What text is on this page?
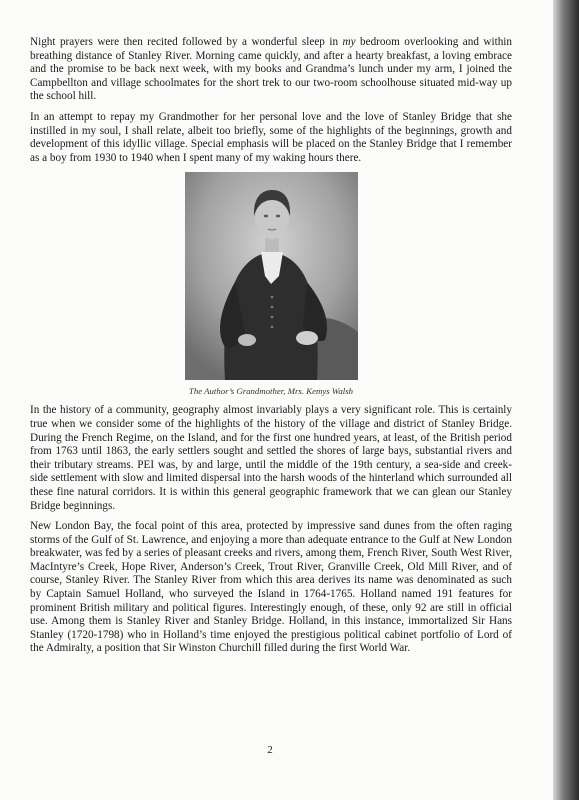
Night prayers were then recited followed by a wonderful sleep in my bedroom overlooking and within breathing distance of Stanley River. Morning came quickly, and after a hearty breakfast, a loving embrace and the promise to be back next week, with my books and Grandma’s lunch under my arm, I joined the Campbellton and village schoolmates for the short trek to our two-room schoolhouse situated mid-way up the school hill.

In an attempt to repay my Grandmother for her personal love and the love of Stanley Bridge that she instilled in my soul, I shall relate, albeit too briefly, some of the highlights of the beginnings, growth and development of this idyllic village. Special emphasis will be placed on the Stanley Bridge that I remember as a boy from 1930 to 1940 when I spent many of my waking hours there.

The Author’s Grandmother, Mrs. Kemys Walsh

In the history of a community, geography almost invariably plays a very significant role. This is certainly true when we consider some of the highlights of the history of the village and district of Stanley Bridge. During the French Regime, on the Island, and for the first one hundred years, at least, of the British period from 1763 until 1863, the early settlers sought and settled the shores of large bays, substantial rivers and their tributary streams. PEI was, by and large, until the middle of the 19th century, a sea-side and creek-side settlement with slow and limited dispersal into the harsh woods of the hinterland which surrounded all these fine natural corridors. It is within this general geographic framework that we can glean our Stanley Bridge beginnings.

New London Bay, the focal point of this area, protected by impressive sand dunes from the often raging storms of the Gulf of St. Lawrence, and enjoying a more than adequate entrance to the Gulf at New London breakwater, was fed by a series of pleasant creeks and rivers, among them, French River, South West River, MacIntyre’s Creek, Hope River, Anderson’s Creek, Trout River, Granville Creek, Old Mill River, and of course, Stanley River. The Stanley River from which this area derives its name was denominated as such by Captain Samuel Holland, who surveyed the Island in 1764-1765. Holland named 191 features for prominent British military and political figures. Interestingly enough, of these, only 92 are still in official use. Among them is Stanley River and Stanley Bridge. Holland, in this instance, immortalized Sir Hans Stanley (1720-1798) who in Holland’s time enjoyed the prestigious political cabinet portfolio of Lord of the Admiralty, a position that Sir Winston Churchill filled during the first World War.

2
